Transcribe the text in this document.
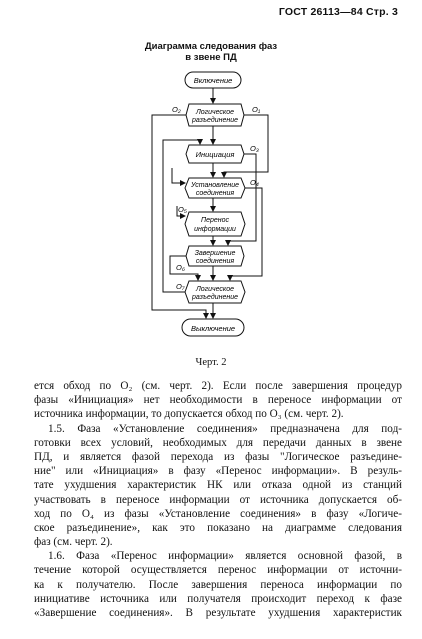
ГОСТ 26113—84 Стр. 3
Диаграмма следования фаз
в звене ПД
Включение
Логическое
разъединение
Инициация
Установление
соединения
Перенос
информации
Завершение
соединения
Логическое
разъединение
Выключение
O₂	O₁
O₃
O₄
O₅
O₆
O₇
Черт. 2
ется обход по O₂ (см. черт. 2). Если после завершения процедур
фазы «Инициация» нет необходимости в переносе информации от
источника информации, то допускается обход по O₃ (см. черт. 2).
1.5. Фаза «Установление соединения» предназначена для под-
готовки всех условий, необходимых для передачи данных в звене
ПД, и является фазой перехода из фазы "Логическое разъедине-
ние" или «Инициация» в фазу «Перенос информации». В резуль-
тате ухудшения характеристик НК или отказа одной из станций
участвовать в переносе информации от источника допускается об-
ход по O₄ из фазы «Установление соединения» в фазу «Логиче-
ское разъединение», как это показано на диаграмме следования
фаз (см. черт. 2).
1.6. Фаза «Перенос информации» является основной фазой, в
течение которой осуществляется перенос информации от источни-
ка к получателю. После завершения переноса информации по
инициативе источника или получателя происходит переход к фазе
«Завершение соединения». В результате ухудшения характеристик
